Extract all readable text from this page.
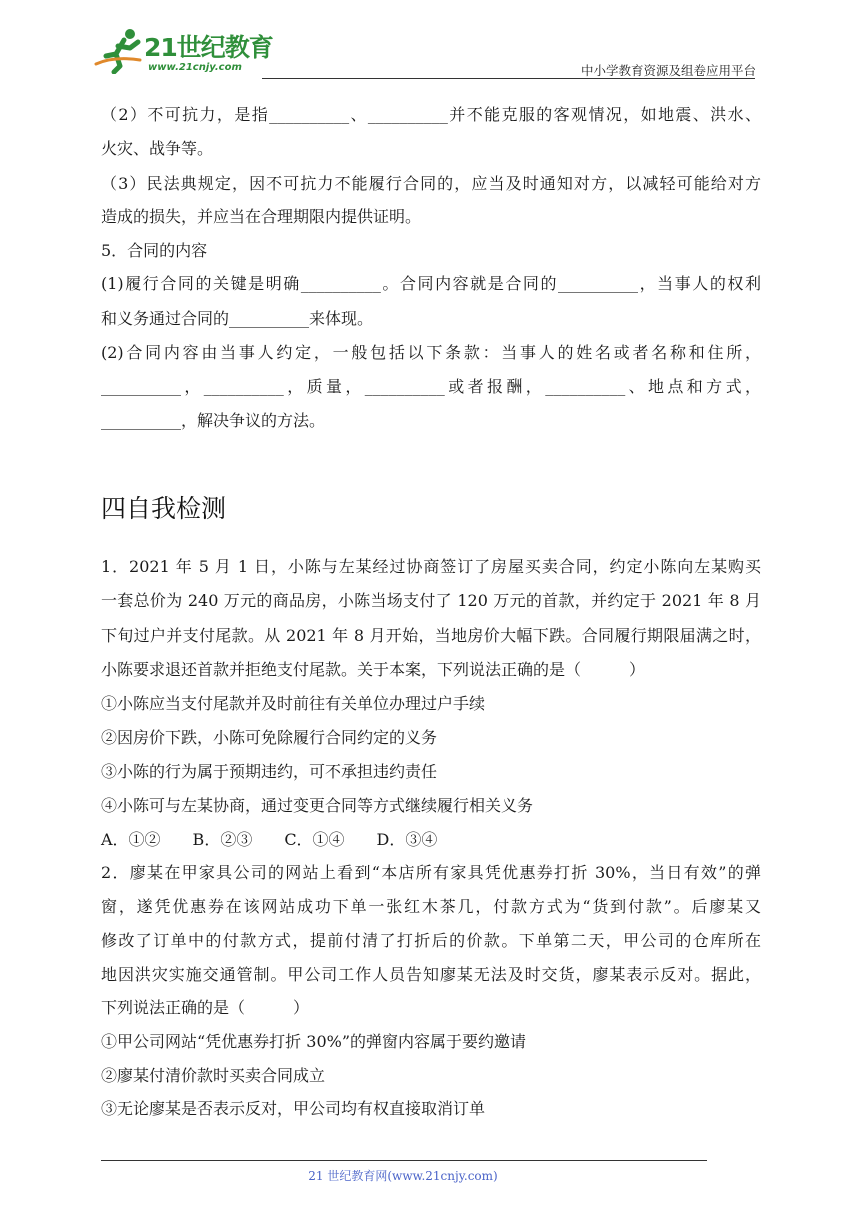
21世纪教育
www.21cnjy.com	中小学教育资源及组卷应用平台
（2）不可抗力，是指__________、__________并不能克服的客观情况，如地震、洪水、
火灾、战争等。
（3）民法典规定，因不可抗力不能履行合同的，应当及时通知对方，以减轻可能给对方
造成的损失，并应当在合理期限内提供证明。
5．合同的内容
(1)履行合同的关键是明确__________。合同内容就是合同的__________，当事人的权利
和义务通过合同的__________来体现。
(2)合同内容由当事人约定，一般包括以下条款：当事人的姓名或者名称和住所，
__________，__________，质量，__________或者报酬，__________、地点和方式，
__________，解决争议的方法。
四自我检测
1．2021 年 5 月 1 日，小陈与左某经过协商签订了房屋买卖合同，约定小陈向左某购买
一套总价为 240 万元的商品房，小陈当场支付了 120 万元的首款，并约定于 2021 年 8 月
下旬过户并支付尾款。从 2021 年 8 月开始，当地房价大幅下跌。合同履行期限届满之时，
小陈要求退还首款并拒绝支付尾款。关于本案，下列说法正确的是（　　　）
①小陈应当支付尾款并及时前往有关单位办理过户手续
②因房价下跌，小陈可免除履行合同约定的义务
③小陈的行为属于预期违约，可不承担违约责任
④小陈可与左某协商，通过变更合同等方式继续履行相关义务
A．①②　　B．②③　　C．①④　　D．③④
2．廖某在甲家具公司的网站上看到“本店所有家具凭优惠券打折 30%，当日有效”的弹
窗，遂凭优惠券在该网站成功下单一张红木茶几，付款方式为“货到付款”。后廖某又
修改了订单中的付款方式，提前付清了打折后的价款。下单第二天，甲公司的仓库所在
地因洪灾实施交通管制。甲公司工作人员告知廖某无法及时交货，廖某表示反对。据此，
下列说法正确的是（　　　）
①甲公司网站“凭优惠券打折 30%”的弹窗内容属于要约邀请
②廖某付清价款时买卖合同成立
③无论廖某是否表示反对，甲公司均有权直接取消订单
21 世纪教育网(www.21cnjy.com)
